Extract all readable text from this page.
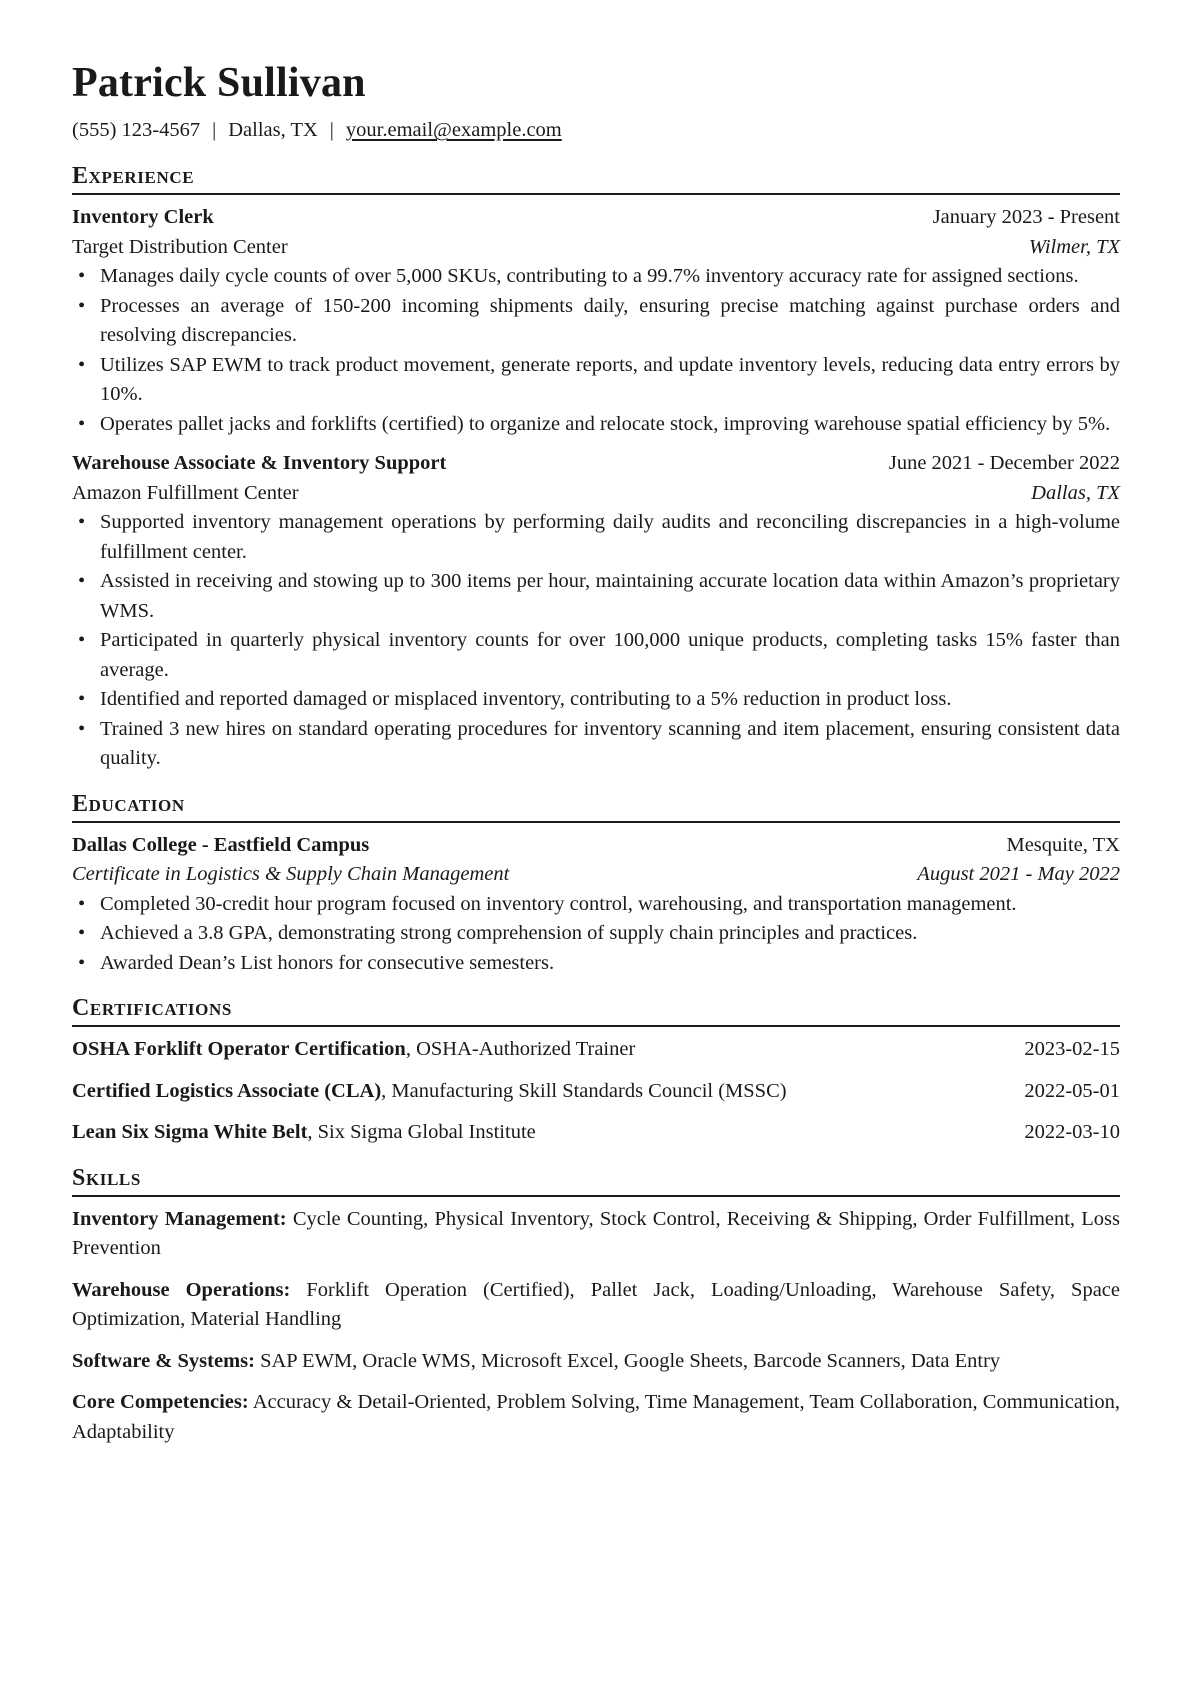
Patrick Sullivan
(555) 123-4567 | Dallas, TX | your.email@example.com
Experience
Inventory Clerk	January 2023 - Present
Target Distribution Center	Wilmer, TX
• Manages daily cycle counts of over 5,000 SKUs, contributing to a 99.7% inventory accuracy rate for assigned sections.
• Processes an average of 150-200 incoming shipments daily, ensuring precise matching against purchase orders and resolving discrepancies.
• Utilizes SAP EWM to track product movement, generate reports, and update inventory levels, reducing data entry errors by 10%.
• Operates pallet jacks and forklifts (certified) to organize and relocate stock, improving warehouse spatial efficiency by 5%.
Warehouse Associate & Inventory Support	June 2021 - December 2022
Amazon Fulfillment Center	Dallas, TX
• Supported inventory management operations by performing daily audits and reconciling discrepancies in a high-volume fulfillment center.
• Assisted in receiving and stowing up to 300 items per hour, maintaining accurate location data within Amazon’s proprietary WMS.
• Participated in quarterly physical inventory counts for over 100,000 unique products, completing tasks 15% faster than average.
• Identified and reported damaged or misplaced inventory, contributing to a 5% reduction in product loss.
• Trained 3 new hires on standard operating procedures for inventory scanning and item placement, ensuring consistent data quality.
Education
Dallas College - Eastfield Campus	Mesquite, TX
Certificate in Logistics & Supply Chain Management	August 2021 - May 2022
• Completed 30-credit hour program focused on inventory control, warehousing, and transportation management.
• Achieved a 3.8 GPA, demonstrating strong comprehension of supply chain principles and practices.
• Awarded Dean’s List honors for consecutive semesters.
Certifications
OSHA Forklift Operator Certification, OSHA-Authorized Trainer	2023-02-15
Certified Logistics Associate (CLA), Manufacturing Skill Standards Council (MSSC)	2022-05-01
Lean Six Sigma White Belt, Six Sigma Global Institute	2022-03-10
Skills
Inventory Management: Cycle Counting, Physical Inventory, Stock Control, Receiving & Shipping, Order Fulfillment, Loss Prevention
Warehouse Operations: Forklift Operation (Certified), Pallet Jack, Loading/Unloading, Warehouse Safety, Space Optimization, Material Handling
Software & Systems: SAP EWM, Oracle WMS, Microsoft Excel, Google Sheets, Barcode Scanners, Data Entry
Core Competencies: Accuracy & Detail-Oriented, Problem Solving, Time Management, Team Collaboration, Communication, Adaptability
